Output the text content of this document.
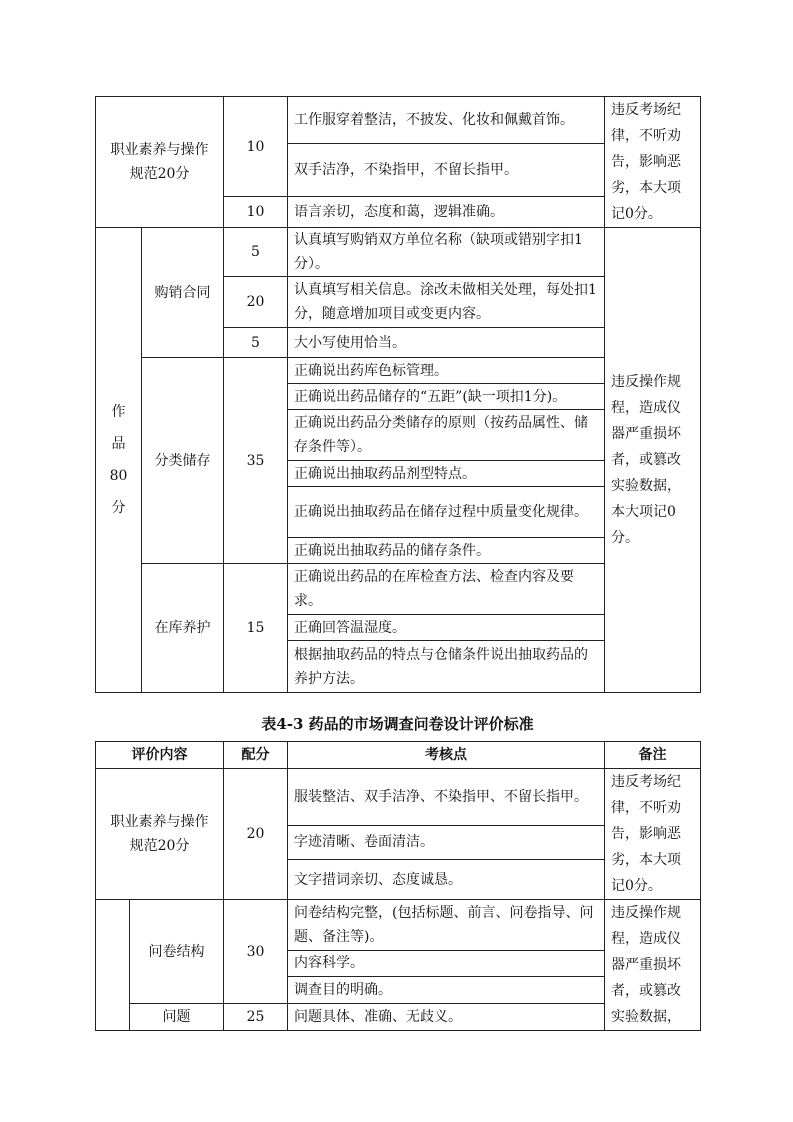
职业素养与操作规范20分		10	工作服穿着整洁，不披发、化妆和佩戴首饰。	违反考场纪律，不听劝告，影响恶劣，本大项记0分。
			双手洁净，不染指甲，不留长指甲。	
		10	语言亲切，态度和蔼，逻辑准确。	
作品80分	购销合同	5	认真填写购销双方单位名称（缺项或错别字扣1分）。	违反操作规程，造成仪器严重损坏者，或篡改实验数据，本大项记0分。
		20	认真填写相关信息。涂改未做相关处理，每处扣1分，随意增加项目或变更内容。	
		5	大小写使用恰当。	
	分类储存	35	正确说出药库色标管理。	
			正确说出药品储存的“五距”(缺一项扣1分)。	
			正确说出药品分类储存的原则（按药品属性、储存条件等）。	
			正确说出抽取药品剂型特点。	
			正确说出抽取药品在储存过程中质量变化规律。	
			正确说出抽取药品的储存条件。	
	在库养护	15	正确说出药品的在库检查方法、检查内容及要求。	
			正确回答温湿度。	
			根据抽取药品的特点与仓储条件说出抽取药品的养护方法。	
表4-3 药品的市场调查问卷设计评价标准
评价内容		配分	考核点	备注
职业素养与操作规范20分		20	服装整洁、双手洁净、不染指甲、不留长指甲。	违反考场纪律，不听劝告，影响恶劣，本大项记0分。
			字迹清晰、卷面清洁。	
			文字措词亲切、态度诚恳。	
	问卷结构	30	问卷结构完整，(包括标题、前言、问卷指导、问题、备注等)。	违反操作规程，造成仪器严重损坏者，或篡改实验数据，
			内容科学。	
			调查目的明确。	
	问题	25	问题具体、准确、无歧义。	
